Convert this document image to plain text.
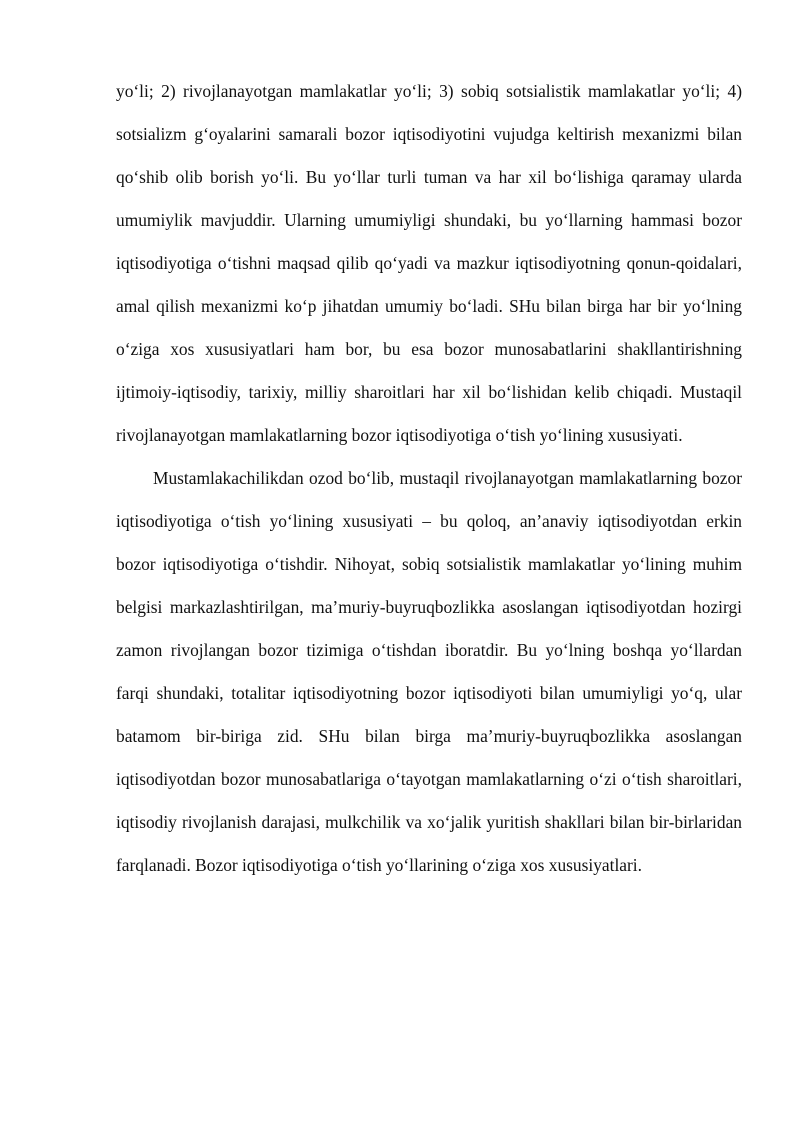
yo‘li; 2) rivojlanayotgan mamlakatlar yo‘li; 3) sobiq sotsialistik mamlakatlar yo‘li; 4) sotsializm g‘oyalarini samarali bozor iqtisodiyotini vujudga keltirish mexanizmi bilan qo‘shib olib borish yo‘li. Bu yo‘llar turli tuman va har xil bo‘lishiga qaramay ularda umumiylik mavjuddir. Ularning umumiyligi shundaki, bu yo‘llarning hammasi bozor iqtisodiyotiga o‘tishni maqsad qilib qo‘yadi va mazkur iqtisodiyotning qonun-qoidalari, amal qilish mexanizmi ko‘p jihatdan umumiy bo‘ladi. SHu bilan birga har bir yo‘lning o‘ziga xos xususiyatlari ham bor, bu esa bozor munosabatlarini shakllantirishning ijtimoiy-iqtisodiy, tarixiy, milliy sharoitlari har xil bo‘lishidan kelib chiqadi. Mustaqil rivojlanayotgan mamlakatlarning bozor iqtisodiyotiga o‘tish yo‘lining xususiyati.

Mustamlakachilikdan ozod bo‘lib, mustaqil rivojlanayotgan mamlakatlarning bozor iqtisodiyotiga o‘tish yo‘lining xususiyati – bu qoloq, an’anaviy iqtisodiyotdan erkin bozor iqtisodiyotiga o‘tishdir. Nihoyat, sobiq sotsialistik mamlakatlar yo‘lining muhim belgisi markazlashtirilgan, ma’muriy-buyruqbozlikka asoslangan iqtisodiyotdan hozirgi zamon rivojlangan bozor tizimiga o‘tishdan iboratdir. Bu yo‘lning boshqa yo‘llardan farqi shundaki, totalitar iqtisodiyotning bozor iqtisodiyoti bilan umumiyligi yo‘q, ular batamom bir-biriga zid. SHu bilan birga ma’muriy-buyruqbozlikka asoslangan iqtisodiyotdan bozor munosabatlariga o‘tayotgan mamlakatlarning o‘zi o‘tish sharoitlari, iqtisodiy rivojlanish darajasi, mulkchilik va xo‘jalik yuritish shakllari bilan bir-birlaridan farqlanadi. Bozor iqtisodiyotiga o‘tish yo‘llarining o‘ziga xos xususiyatlari.
